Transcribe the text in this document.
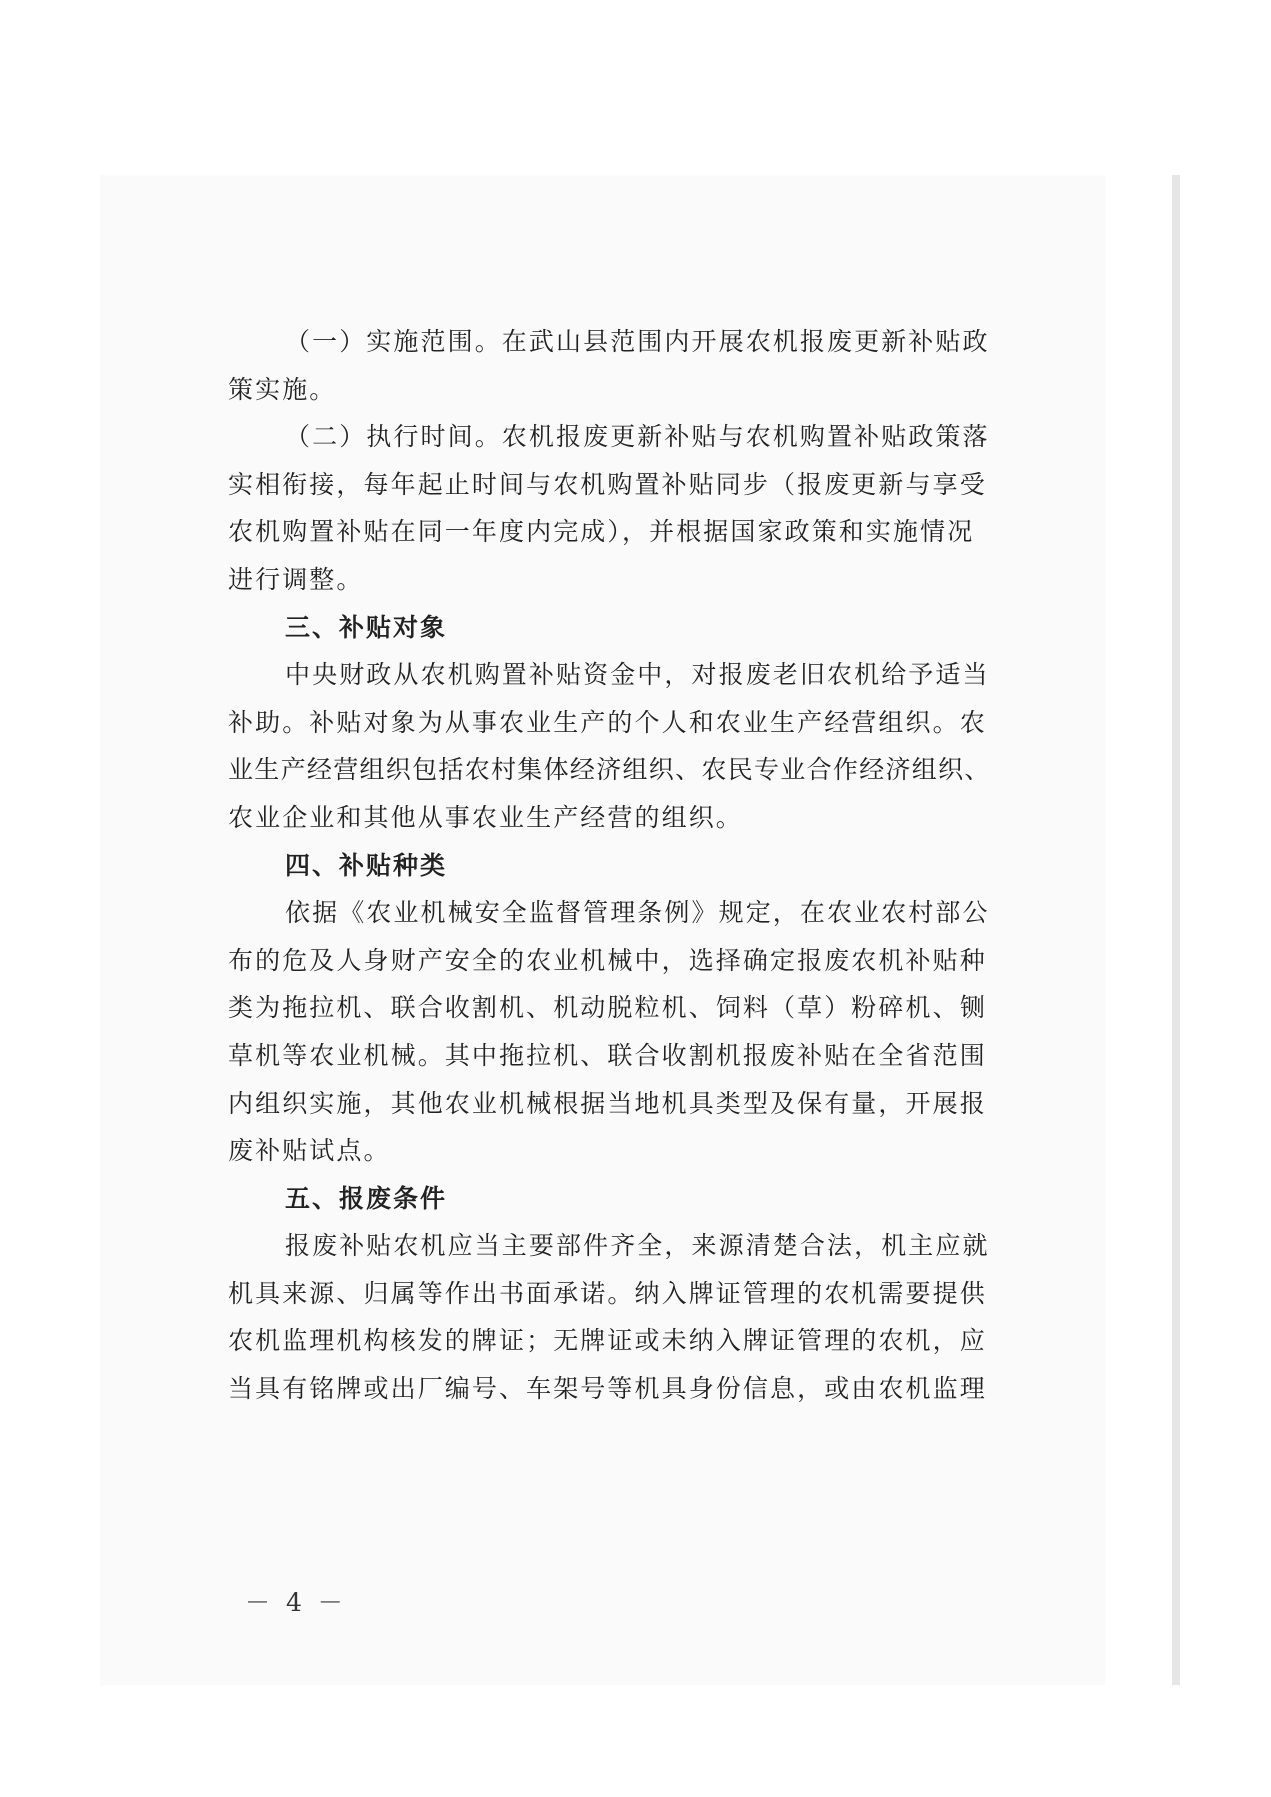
（一）实施范围。在武山县范围内开展农机报废更新补贴政
策实施。
（二）执行时间。农机报废更新补贴与农机购置补贴政策落
实相衔接，每年起止时间与农机购置补贴同步（报废更新与享受
农机购置补贴在同一年度内完成），并根据国家政策和实施情况
进行调整。
三、补贴对象
中央财政从农机购置补贴资金中，对报废老旧农机给予适当
补助。补贴对象为从事农业生产的个人和农业生产经营组织。农
业生产经营组织包括农村集体经济组织、农民专业合作经济组织、
农业企业和其他从事农业生产经营的组织。
四、补贴种类
依据《农业机械安全监督管理条例》规定，在农业农村部公
布的危及人身财产安全的农业机械中，选择确定报废农机补贴种
类为拖拉机、联合收割机、机动脱粒机、饲料（草）粉碎机、铡
草机等农业机械。其中拖拉机、联合收割机报废补贴在全省范围
内组织实施，其他农业机械根据当地机具类型及保有量，开展报
废补贴试点。
五、报废条件
报废补贴农机应当主要部件齐全，来源清楚合法，机主应就
机具来源、归属等作出书面承诺。纳入牌证管理的农机需要提供
农机监理机构核发的牌证；无牌证或未纳入牌证管理的农机，应
当具有铭牌或出厂编号、车架号等机具身份信息，或由农机监理
－ 4 －
